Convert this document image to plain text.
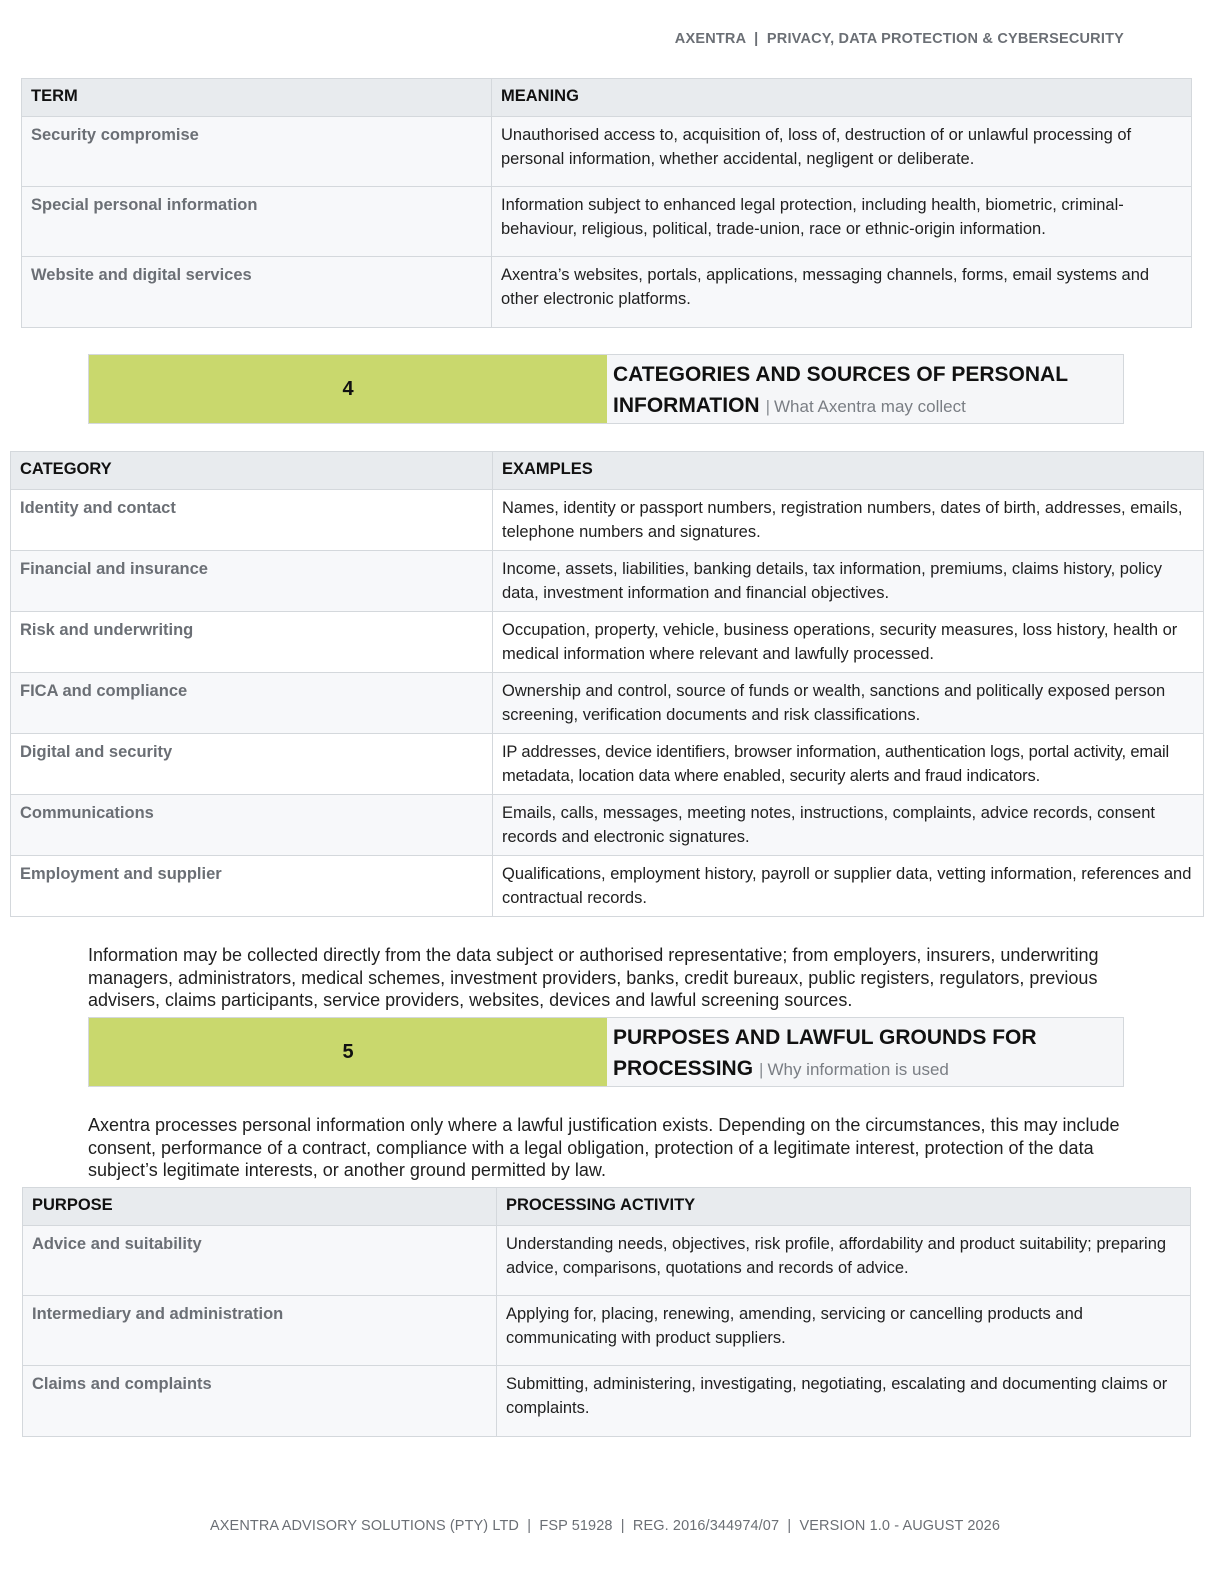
AXENTRA  |  PRIVACY, DATA PROTECTION & CYBERSECURITY
TERM	MEANING
Security compromise	Unauthorised access to, acquisition of, loss of, destruction of or unlawful processing of personal information, whether accidental, negligent or deliberate.
Special personal information	Information subject to enhanced legal protection, including health, biometric, criminal-behaviour, religious, political, trade-union, race or ethnic-origin information.
Website and digital services	Axentra’s websites, portals, applications, messaging channels, forms, email systems and other electronic platforms.
4
CATEGORIES AND SOURCES OF PERSONAL INFORMATION | What Axentra may collect
CATEGORY	EXAMPLES
Identity and contact	Names, identity or passport numbers, registration numbers, dates of birth, addresses, emails, telephone numbers and signatures.
Financial and insurance	Income, assets, liabilities, banking details, tax information, premiums, claims history, policy data, investment information and financial objectives.
Risk and underwriting	Occupation, property, vehicle, business operations, security measures, loss history, health or medical information where relevant and lawfully processed.
FICA and compliance	Ownership and control, source of funds or wealth, sanctions and politically exposed person screening, verification documents and risk classifications.
Digital and security	IP addresses, device identifiers, browser information, authentication logs, portal activity, email metadata, location data where enabled, security alerts and fraud indicators.
Communications	Emails, calls, messages, meeting notes, instructions, complaints, advice records, consent records and electronic signatures.
Employment and supplier	Qualifications, employment history, payroll or supplier data, vetting information, references and contractual records.

Information may be collected directly from the data subject or authorised representative; from employers, insurers, underwriting managers, administrators, medical schemes, investment providers, banks, credit bureaux, public registers, regulators, previous advisers, claims participants, service providers, websites, devices and lawful screening sources.

5
PURPOSES AND LAWFUL GROUNDS FOR PROCESSING | Why information is used

Axentra processes personal information only where a lawful justification exists. Depending on the circumstances, this may include consent, performance of a contract, compliance with a legal obligation, protection of a legitimate interest, protection of the data subject’s legitimate interests, or another ground permitted by law.

PURPOSE	PROCESSING ACTIVITY
Advice and suitability	Understanding needs, objectives, risk profile, affordability and product suitability; preparing advice, comparisons, quotations and records of advice.
Intermediary and administration	Applying for, placing, renewing, amending, servicing or cancelling products and communicating with product suppliers.
Claims and complaints	Submitting, administering, investigating, negotiating, escalating and documenting claims or complaints.
AXENTRA ADVISORY SOLUTIONS (PTY) LTD  |  FSP 51928  |  REG. 2016/344974/07  |  VERSION 1.0 - AUGUST 2026
